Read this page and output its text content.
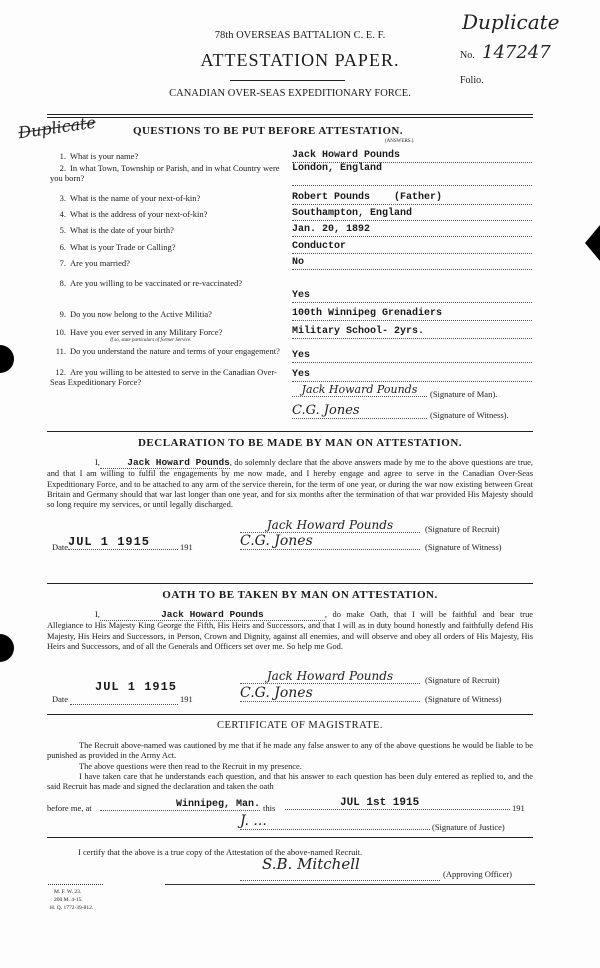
78th OVERSEAS BATTALION C. E. F.
ATTESTATION PAPER.
CANADIAN OVER-SEAS EXPEDITIONARY FORCE.
Duplicate
No. 147247
Folio.
Duplicate	QUESTIONS TO BE PUT BEFORE ATTESTATION.
(ANSWERS.)
1. What is your name?	Jack Howard Pounds
2. In what Town, Township or Parish, and in what Country were you born?
London, England
3. What is the name of your next-of-kin?	Robert Pounds    (Father)
4. What is the address of your next-of-kin?	Southampton, England
5. What is the date of your birth?	Jan. 20, 1892
6. What is your Trade or Calling?	Conductor
7. Are you married?	No
8. Are you willing to be vaccinated or re-vaccinated?
Yes
9. Do you now belong to the Active Militia?	100th Winnipeg Grenadiers
10. Have you ever served in any Military Force?
If so, state particulars of former Service.
Military School- 2yrs.
11. Do you understand the nature and terms of your engagement? Yes
12. Are you willing to be attested to serve in the Canadian Over-Seas Expeditionary Force?
Yes
Jack Howard Pounds	(Signature of Man).
C.G. Jones	(Signature of Witness).
DECLARATION TO BE MADE BY MAN ON ATTESTATION.
I,	Jack Howard Pounds, do solemnly declare that the above answers made by me to the above questions are true, and that I am willing to fulfil the engagements by me now made, and I hereby engage and agree to serve in the Canadian Over-Seas Expeditionary Force, and to be attached to any arm of the service therein, for the term of one year, or during the war now existing between Great Britain and Germany should that war last longer than one year, and for six months after the termination of that war provided His Majesty should so long require my services, or until legally discharged.
Jack Howard Pounds	(Signature of Recruit)
Date JUL 1 1915	191	C.G. Jones	(Signature of Witness)
OATH TO BE TAKEN BY MAN ON ATTESTATION.
I,	Jack Howard Pounds	, do make Oath, that I will be faithful and bear true Allegiance to His Majesty King George the Fifth, His Heirs and Successors, and that I will as in duty bound honestly and faithfully defend His Majesty, His Heirs and Successors, in Person, Crown and Dignity, against all enemies, and will observe and obey all orders of His Majesty, His Heirs and Successors, and of all the Generals and Officers set over me. So help me God.
Jack Howard Pounds	(Signature of Recruit)
JUL 1 1915
Date	191	C.G. Jones	(Signature of Witness)
CERTIFICATE OF MAGISTRATE.
The Recruit above-named was cautioned by me that if he made any false answer to any of the above questions he would be liable to be punished as provided in the Army Act.
The above questions were then read to the Recruit in my presence.
I have taken care that he understands each question, and that his answer to each question has been duly entered as replied to, and the said Recruit has made and signed the declaration and taken the oath
before me, at	Winnipeg, Man. this	JUL 1st 1915	191
J. ...	(Signature of Justice)
I certify that the above is a true copy of the Attestation of the above-named Recruit.
S.B. Mitchell
(Approving Officer)
M. F. W. 23.
200 M. 4-15.
H. Q. 1772-39-812.
